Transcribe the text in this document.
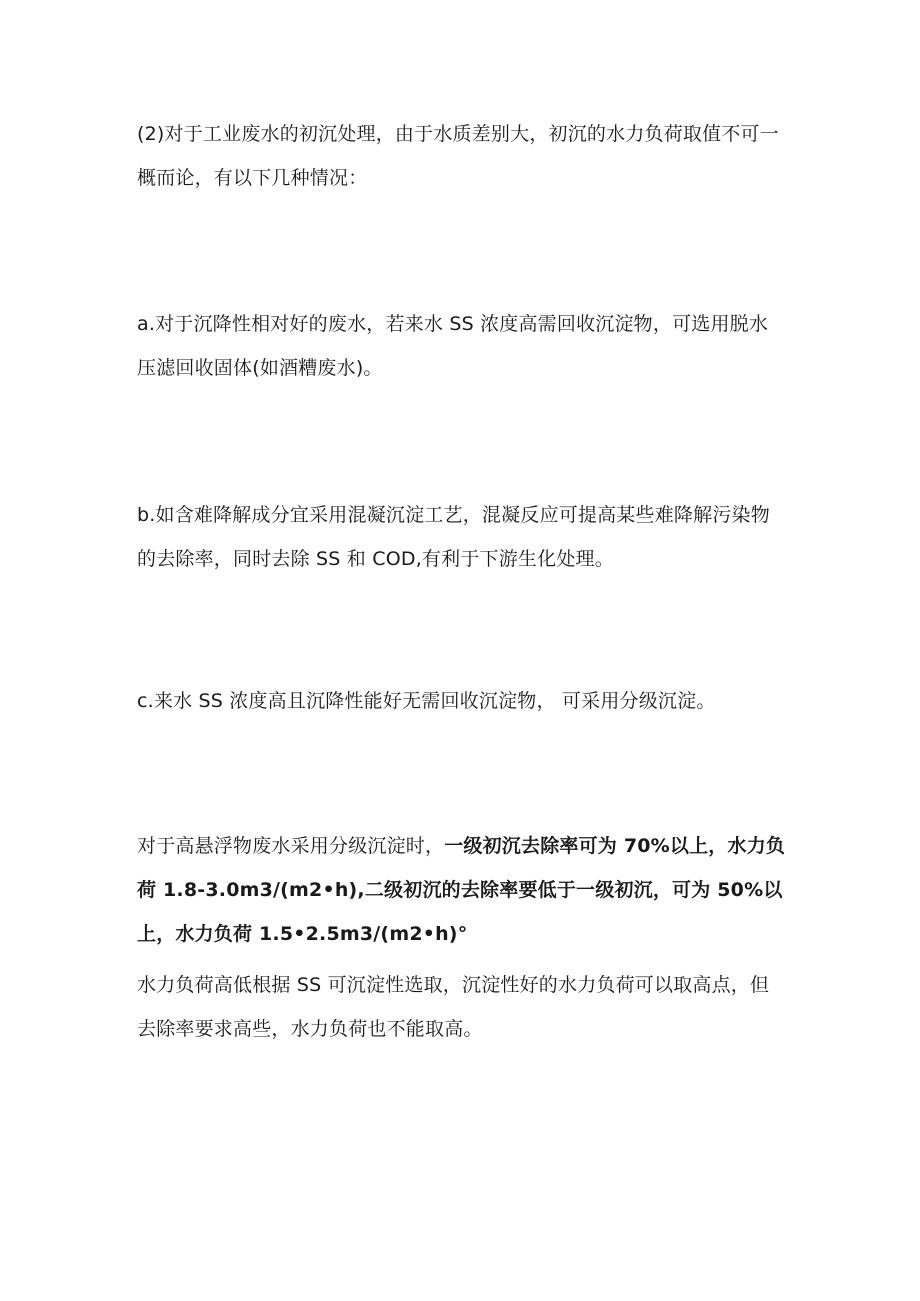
(2)对于工业废水的初沉处理，由于水质差别大，初沉的水力负荷取值不可一概而论，有以下几种情况：

a.对于沉降性相对好的废水，若来水 SS 浓度高需回收沉淀物，可选用脱水压滤回收固体(如酒糟废水)。

b.如含难降解成分宜采用混凝沉淀工艺，混凝反应可提高某些难降解污染物的去除率，同时去除 SS 和 COD,有利于下游生化处理。

c.来水 SS 浓度高且沉降性能好无需回收沉淀物， 可采用分级沉淀。

对于高悬浮物废水采用分级沉淀时，一级初沉去除率可为 70%以上，水力负荷 1.8-3.0m3∕(m2•h),二级初沉的去除率要低于一级初沉，可为 50%以上，水力负荷 1.5•2.5m3∕(m2•h)°

水力负荷高低根据 SS 可沉淀性选取，沉淀性好的水力负荷可以取高点，但去除率要求高些，水力负荷也不能取高。
